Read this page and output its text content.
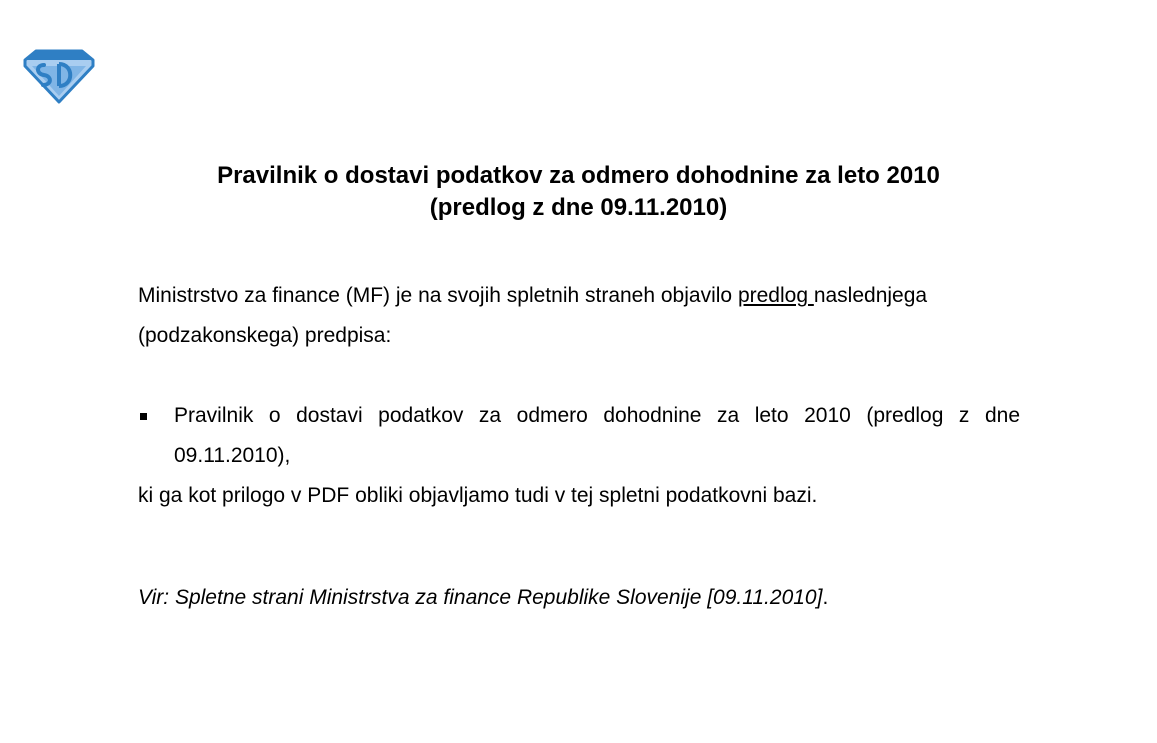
Pravilnik o dostavi podatkov za odmero dohodnine za leto 2010
(predlog z dne 09.11.2010)

Ministrstvo za finance (MF) je na svojih spletnih straneh objavilo predlog naslednjega (podzakonskega) predpisa:

Pravilnik o dostavi podatkov za odmero dohodnine za leto 2010 (predlog z dne 09.11.2010),

ki ga kot prilogo v PDF obliki objavljamo tudi v tej spletni podatkovni bazi.

Vir: Spletne strani Ministrstva za finance Republike Slovenije [09.11.2010].
